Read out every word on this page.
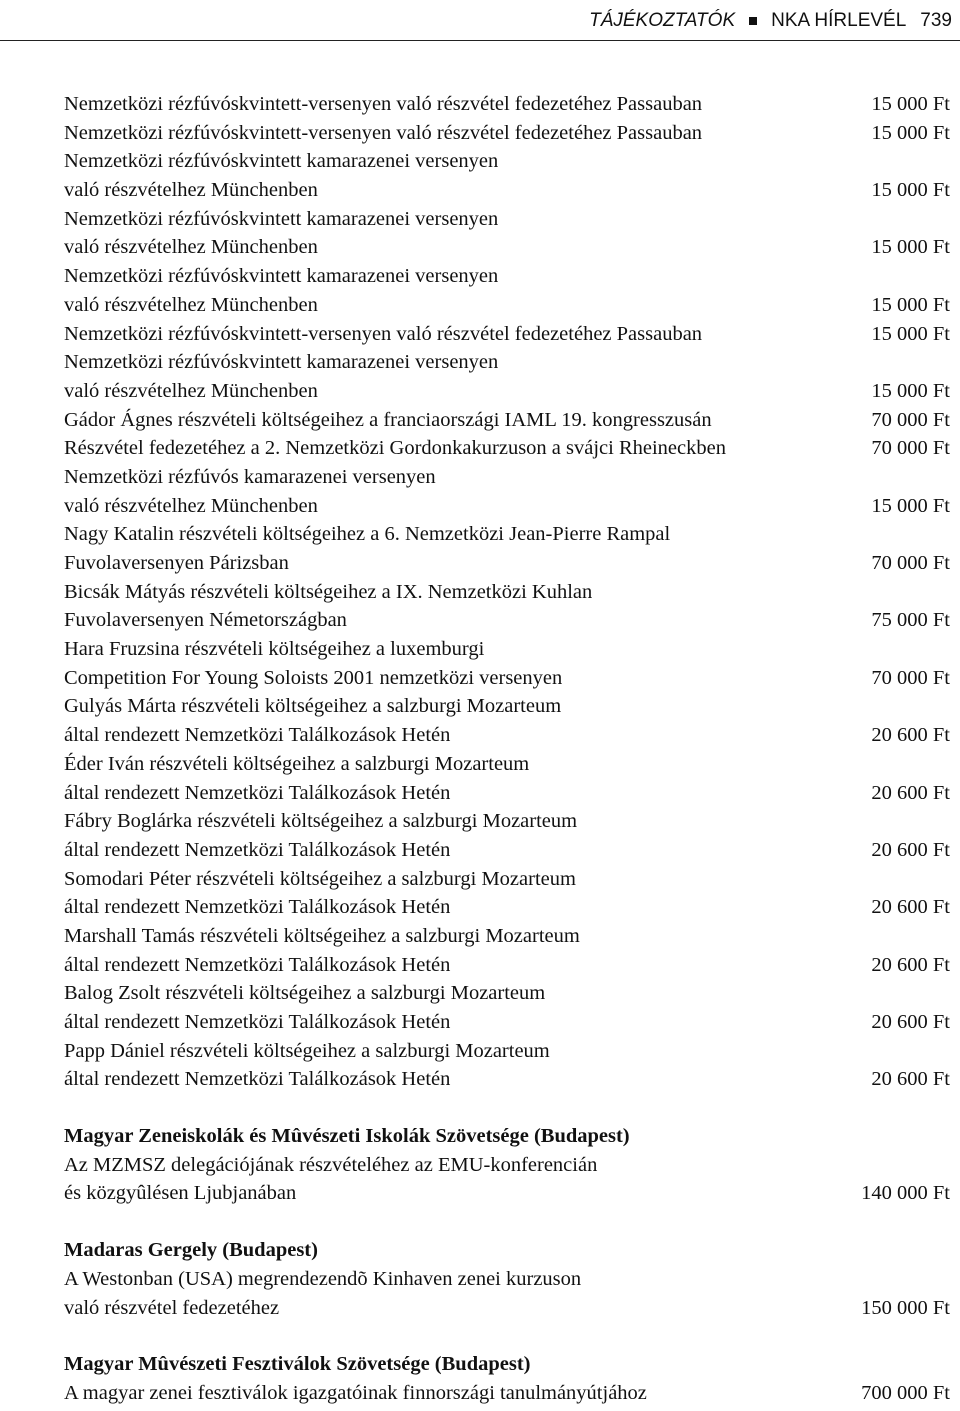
TÁJÉKOZTATÓK NKA HÍRLEVÉL 739
Nemzetközi rézfúvóskvintett-versenyen való részvétel fedezetéhez Passauban	15 000 Ft
Nemzetközi rézfúvóskvintett-versenyen való részvétel fedezetéhez Passauban	15 000 Ft
Nemzetközi rézfúvóskvintett kamarazenei versenyen
való részvételhez Münchenben	15 000 Ft
Nemzetközi rézfúvóskvintett kamarazenei versenyen
való részvételhez Münchenben	15 000 Ft
Nemzetközi rézfúvóskvintett kamarazenei versenyen
való részvételhez Münchenben	15 000 Ft
Nemzetközi rézfúvóskvintett-versenyen való részvétel fedezetéhez Passauban	15 000 Ft
Nemzetközi rézfúvóskvintett kamarazenei versenyen
való részvételhez Münchenben	15 000 Ft
Gádor Ágnes részvételi költségeihez a franciaországi IAML 19. kongresszusán	70 000 Ft
Részvétel fedezetéhez a 2. Nemzetközi Gordonkakurzuson a svájci Rheineckben	70 000 Ft
Nemzetközi rézfúvós kamarazenei versenyen
való részvételhez Münchenben	15 000 Ft
Nagy Katalin részvételi költségeihez a 6. Nemzetközi Jean-Pierre Rampal
Fuvolaversenyen Párizsban	70 000 Ft
Bicsák Mátyás részvételi költségeihez a IX. Nemzetközi Kuhlan
Fuvolaversenyen Németországban	75 000 Ft
Hara Fruzsina részvételi költségeihez a luxemburgi
Competition For Young Soloists 2001 nemzetközi versenyen	70 000 Ft
Gulyás Márta részvételi költségeihez a salzburgi Mozarteum
által rendezett Nemzetközi Találkozások Hetén	20 600 Ft
Éder Iván részvételi költségeihez a salzburgi Mozarteum
által rendezett Nemzetközi Találkozások Hetén	20 600 Ft
Fábry Boglárka részvételi költségeihez a salzburgi Mozarteum
által rendezett Nemzetközi Találkozások Hetén	20 600 Ft
Somodari Péter részvételi költségeihez a salzburgi Mozarteum
által rendezett Nemzetközi Találkozások Hetén	20 600 Ft
Marshall Tamás részvételi költségeihez a salzburgi Mozarteum
által rendezett Nemzetközi Találkozások Hetén	20 600 Ft
Balog Zsolt részvételi költségeihez a salzburgi Mozarteum
által rendezett Nemzetközi Találkozások Hetén	20 600 Ft
Papp Dániel részvételi költségeihez a salzburgi Mozarteum
által rendezett Nemzetközi Találkozások Hetén	20 600 Ft
Magyar Zeneiskolák és Mûvészeti Iskolák Szövetsége (Budapest)
Az MZMSZ delegációjának részvételéhez az EMU-konferencián
és közgyûlésen Ljubjanában	140 000 Ft
Madaras Gergely (Budapest)
A Westonban (USA) megrendezendõ Kinhaven zenei kurzuson
való részvétel fedezetéhez	150 000 Ft
Magyar Mûvészeti Fesztiválok Szövetsége (Budapest)
A magyar zenei fesztiválok igazgatóinak finnországi tanulmányútjához	700 000 Ft
